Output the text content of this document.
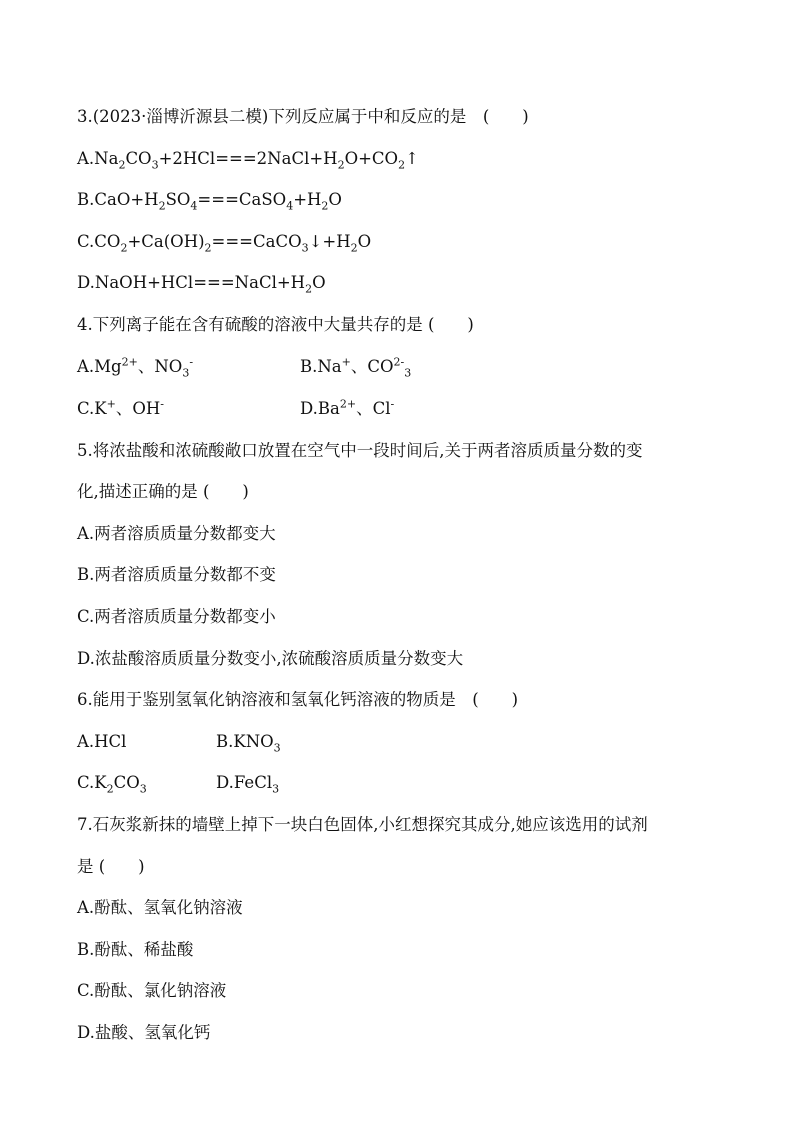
3.(2023·淄博沂源县二模)下列反应属于中和反应的是　(　　)
$A.Na_2CO_3+2HCl===2NaCl+H_2O+CO_2↑$
$B.CaO+H_2SO_4===CaSO_4+H_2O$
$C.CO_2+Ca(OH)_2===CaCO_3↓+H_2O$
$D.NaOH+HCl===NaCl+H_2O$
4.下列离子能在含有硫酸的溶液中大量共存的是 (　　)
$A.Mg^{2+}$、$NO_3^-$	B.Na+、$CO^{2-}_3$
C.K+、OH-	$D.Ba^{2+}$、Cl-
5.将浓盐酸和浓硫酸敞口放置在空气中一段时间后,关于两者溶质质量分数的变
化,描述正确的是 (　　)
A.两者溶质质量分数都变大
B.两者溶质质量分数都不变
C.两者溶质质量分数都变小
D.浓盐酸溶质质量分数变小,浓硫酸溶质质量分数变大
6.能用于鉴别氢氧化钠溶液和氢氧化钙溶液的物质是　(　　)
A.HCl	$B.KNO_3$
$C.K_2CO_3$	D.FeCl$_3$
7.石灰浆新抹的墙壁上掉下一块白色固体,小红想探究其成分,她应该选用的试剂
是 (　　)
A.酚酞、氢氧化钠溶液
B.酚酞、稀盐酸
C.酚酞、氯化钠溶液
D.盐酸、氢氧化钙
